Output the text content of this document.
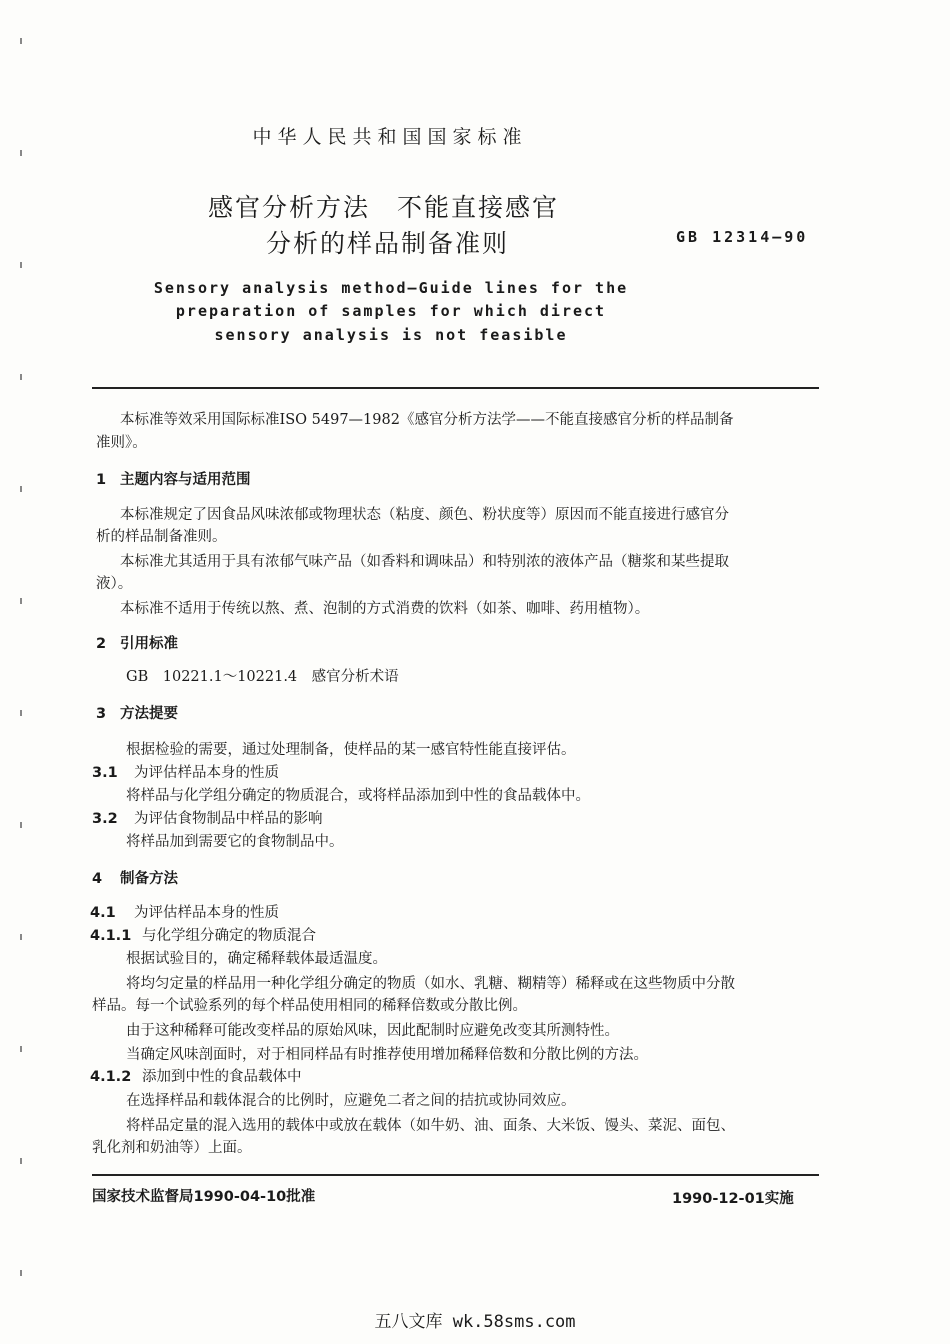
中华人民共和国国家标准
感官分析方法　不能直接感官
分析的样品制备准则	GB 12314—90
Sensory analysis method—Guide lines for the
preparation of samples for which direct
sensory analysis is not feasible
本标准等效采用国际标准ISO 5497—1982《感官分析方法学——不能直接感官分析的样品制备
准则》。
1 主题内容与适用范围
本标准规定了因食品风味浓郁或物理状态（粘度、颜色、粉状度等）原因而不能直接进行感官分
析的样品制备准则。
本标准尤其适用于具有浓郁气味产品（如香料和调味品）和特别浓的液体产品（糖浆和某些提取
液）。
本标准不适用于传统以熬、煮、泡制的方式消费的饮料（如茶、咖啡、药用植物）。
2 引用标准
GB　10221.1～10221.4　感官分析术语
3 方法提要
根据检验的需要，通过处理制备，使样品的某一感官特性能直接评估。
3.1 为评估样品本身的性质
将样品与化学组分确定的物质混合，或将样品添加到中性的食品载体中。
3.2 为评估食物制品中样品的影响
将样品加到需要它的食物制品中。
4 制备方法
4.1 为评估样品本身的性质
4.1.1 与化学组分确定的物质混合
根据试验目的，确定稀释载体最适温度。
将均匀定量的样品用一种化学组分确定的物质（如水、乳糖、糊精等）稀释或在这些物质中分散
样品。每一个试验系列的每个样品使用相同的稀释倍数或分散比例。
由于这种稀释可能改变样品的原始风味，因此配制时应避免改变其所测特性。
当确定风味剖面时，对于相同样品有时推荐使用增加稀释倍数和分散比例的方法。
4.1.2 添加到中性的食品载体中
在选择样品和载体混合的比例时，应避免二者之间的拮抗或协同效应。
将样品定量的混入选用的载体中或放在载体（如牛奶、油、面条、大米饭、馒头、菜泥、面包、
乳化剂和奶油等）上面。
国家技术监督局1990-04-10批准	1990-12-01实施
五八文库 wk.58sms.com
